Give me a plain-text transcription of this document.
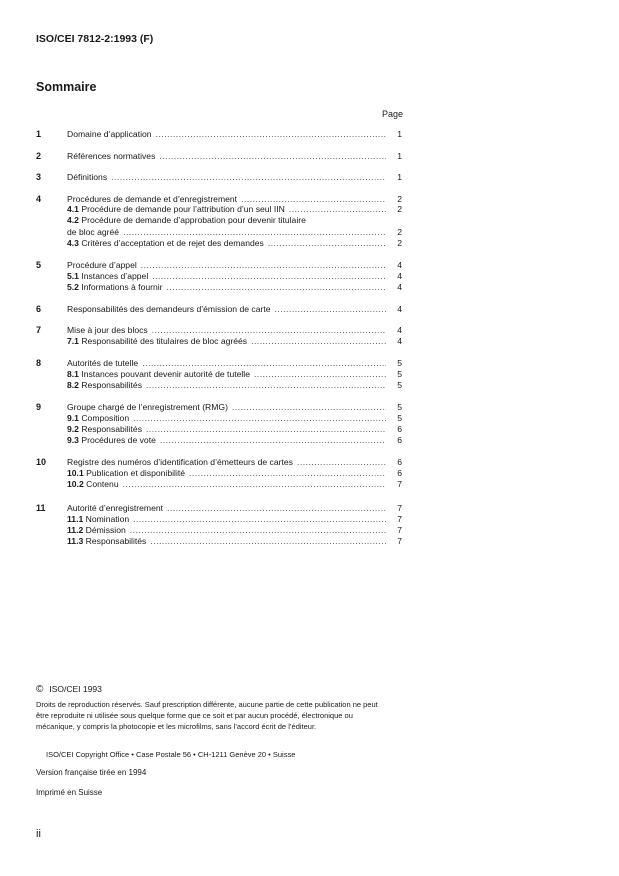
ISO/CEI 7812-2:1993 (F)
Sommaire
Page
1	Domaine d’application .....	1
2	Références normatives .....	1
3	Définitions .....	1
4	Procédures de demande et d’enregistrement .....	2
4.1 Procédure de demande pour l’attribution d’un seul IIN .....	2
4.2 Procédure de demande d’approbation pour devenir titulaire
de bloc agréé .....	2
4.3 Critères d’acceptation et de rejet des demandes .....	2
5	Procédure d’appel .....	4
5.1 Instances d’appel .....	4
5.2 Informations à fournir .....	4
6	Responsabilités des demandeurs d’émission de carte .....	4
7	Mise à jour des blocs .....	4
7.1 Responsabilité des titulaires de bloc agréés .....	4
8	Autorités de tutelle .....	5
8.1 Instances pouvant devenir autorité de tutelle .....	5
8.2 Responsabilités .....	5
9	Groupe chargé de l’enregistrement (RMG) .....	5
9.1 Composition .....	5
9.2 Responsabilités .....	6
9.3 Procédures de vote .....	6
10 Registre des numéros d’identification d’émetteurs de cartes .....	6
10.1 Publication et disponibilité .....	6
10.2 Contenu .....	7
11 Autorité d’enregistrement .....	7
11.1 Nomination .....	7
11.2 Démission .....	7
11.3 Responsabilités .....	7
© ISO/CEI 1993
Droits de reproduction réservés. Sauf prescription différente, aucune partie de cette publication ne peut être reproduite ni utilisée sous quelque forme que ce soit et par aucun procédé, électronique ou mécanique, y compris la photocopie et les microfilms, sans l’accord écrit de l’éditeur.
ISO/CEI Copyright Office • Case Postale 56 • CH-1211 Genève 20 • Suisse
Version française tirée en 1994
Imprimé en Suisse
ii
